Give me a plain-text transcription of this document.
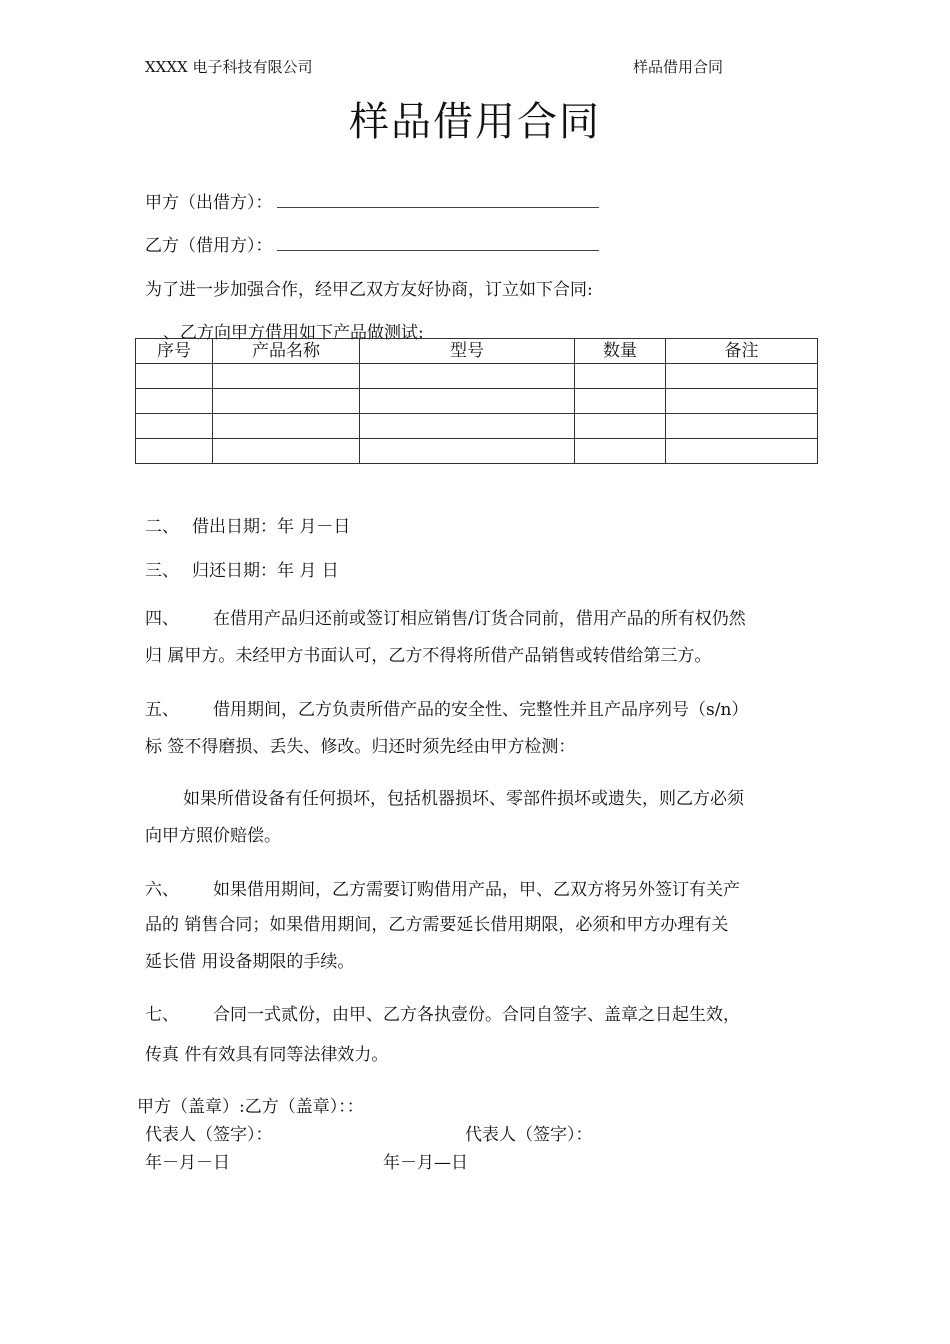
XXXX 电子科技有限公司	样品借用合同
样品借用合同
甲方（出借方）：
乙方（借用方）：
为了进一步加强合作，经甲乙双方友好协商，订立如下合同:
、乙方向甲方借用如下产品做测试:
序号	产品名称	型号	数量	备注

二、 借出日期：年 月－日
三、 归还日期：年 月 日
四、 在借用产品归还前或签订相应销售/订货合同前，借用产品的所有权仍然
归 属甲方。未经甲方书面认可，乙方不得将所借产品销售或转借给第三方。
五、 借用期间，乙方负责所借产品的安全性、完整性并且产品序列号（s/n）
标 签不得磨损、丢失、修改。归还时须先经由甲方检测：
如果所借设备有任何损坏，包括机器损坏、零部件损坏或遗失，则乙方必须
向甲方照价赔偿。
六、 如果借用期间，乙方需要订购借用产品，甲、乙双方将另外签订有关产
品的 销售合同；如果借用期间，乙方需要延长借用期限，必须和甲方办理有关
延长借 用设备期限的手续。
七、 合同一式贰份，由甲、乙方各执壹份。合同自签字、盖章之日起生效，
传真 件有效具有同等法律效力。
甲方（盖章）:乙方（盖章）：：
代表人（签字）：	代表人（签字）：
年－月－日	年－月—日
